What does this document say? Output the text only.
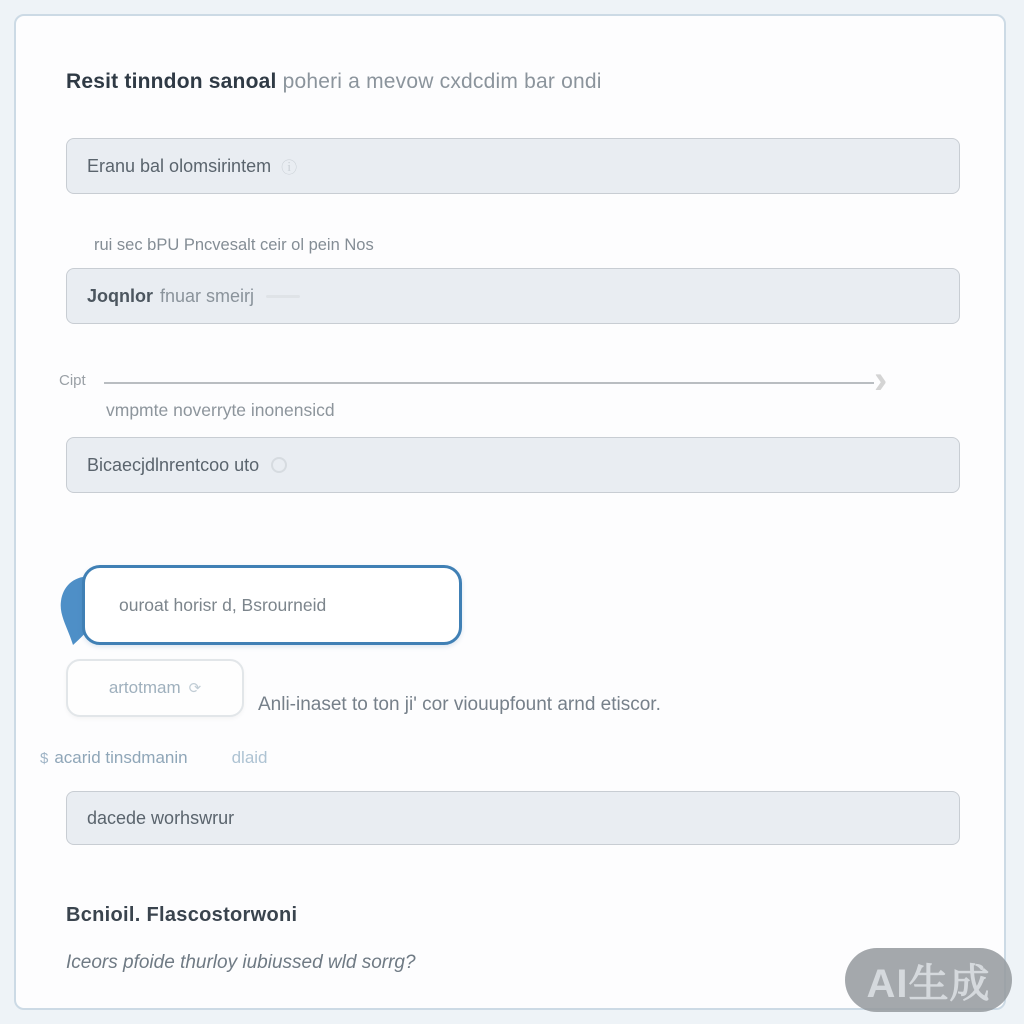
Resit tinndon sanoal poheri a mevow cxdcdim bar ondi
Eranu bal olomsirintem ⓘ
rui sec bPU Pncvesalt ceir ol pein Nos
Joqnlor fnuar smeirj
Cipt	›
vmpmte noverryte inonensicd
Bicaecjdlnrentcoo uto
ouroat horisr d, Bsrourneid
artotmam ⟳
Anli-inaset to ton ji' cor viouupfount arnd etiscor.
$ acarid tinsdmanin	dlaid
dacede worhswrur
Bcnioil. Flascostorwoni
Iceors pfoide thurloy iubiussed wld sorrg?	AI生成
